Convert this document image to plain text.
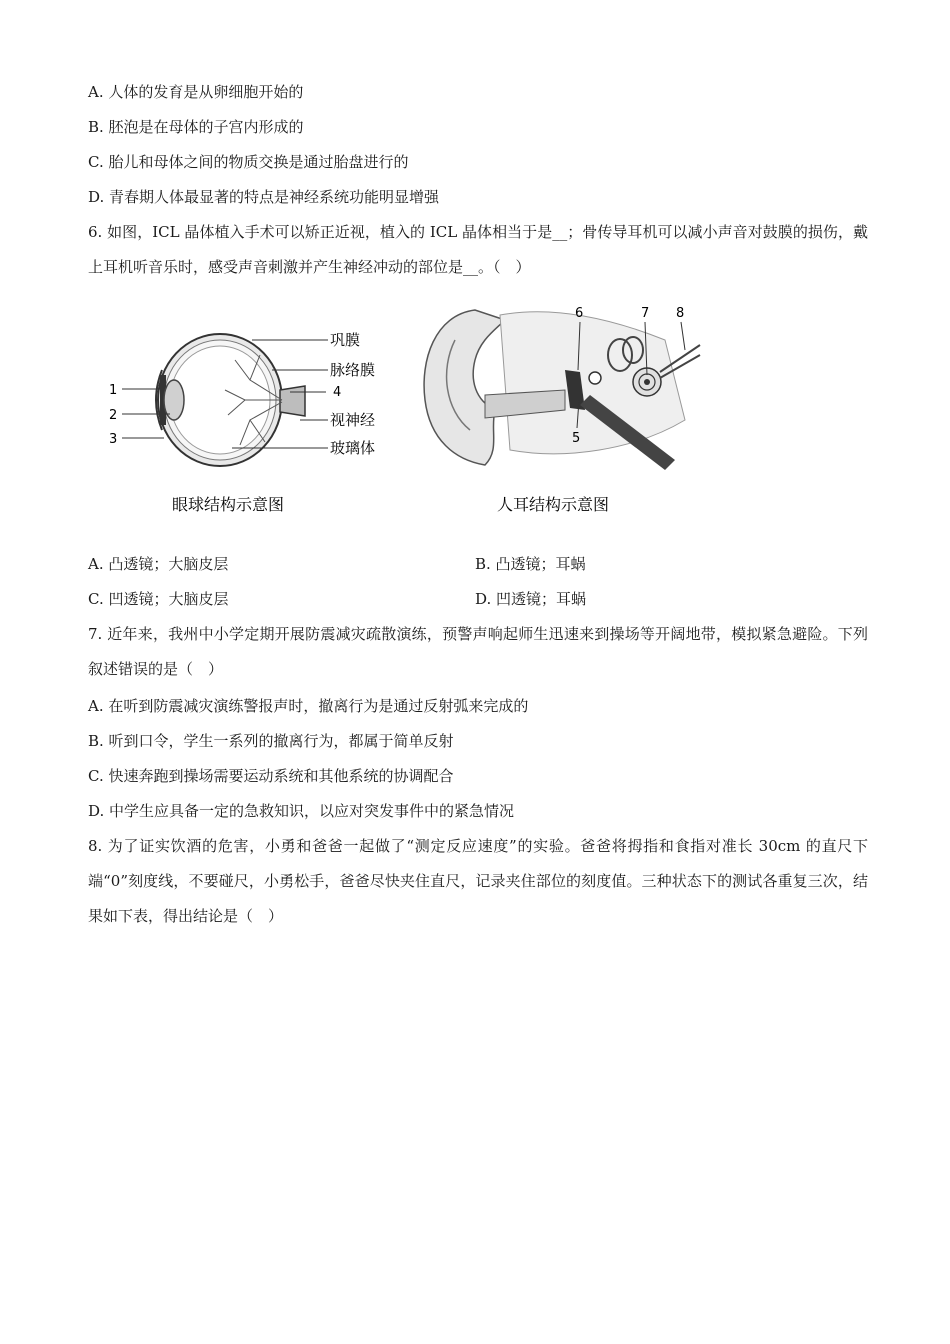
A. 人体的发育是从卵细胞开始的
B. 胚泡是在母体的子宫内形成的
C. 胎儿和母体之间的物质交换是通过胎盘进行的
D. 青春期人体最显著的特点是神经系统功能明显增强
6. 如图，ICL 晶体植入手术可以矫正近视，植入的 ICL 晶体相当于是__；骨传导耳机可以减小声音对鼓膜的损伤，戴上耳机听音乐时，感受声音刺激并产生神经冲动的部位是__。（　）
巩膜
脉络膜
视神经
玻璃体
1
2
3
4
眼球结构示意图
6	7 8
5
人耳结构示意图
A. 凸透镜；大脑皮层	B. 凸透镜；耳蜗
C. 凹透镜；大脑皮层	D. 凹透镜；耳蜗
7. 近年来，我州中小学定期开展防震减灾疏散演练，预警声响起师生迅速来到操场等开阔地带，模拟紧急避险。下列叙述错误的是（　）
A. 在听到防震减灾演练警报声时，撤离行为是通过反射弧来完成的
B. 听到口令，学生一系列的撤离行为，都属于简单反射
C. 快速奔跑到操场需要运动系统和其他系统的协调配合
D. 中学生应具备一定的急救知识，以应对突发事件中的紧急情况
8. 为了证实饮酒的危害，小勇和爸爸一起做了“测定反应速度”的实验。爸爸将拇指和食指对准长 30cm 的直尺下端“0”刻度线，不要碰尺，小勇松手，爸爸尽快夹住直尺，记录夹住部位的刻度值。三种状态下的测试各重复三次，结果如下表，得出结论是（　）
